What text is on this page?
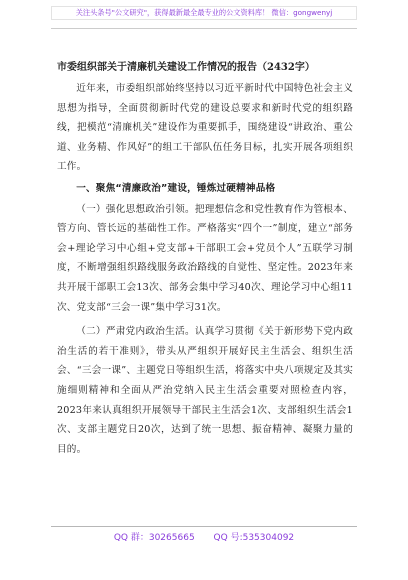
关注头条号"公文研究"，获得最新最全最专业的公文资料库！ 微信：gongwenyj
市委组织部关于清廉机关建设工作情况的报告（2432字）

近年来，市委组织部始终坚持以习近平新时代中国特色社会主义思想为指导，全面贯彻新时代党的建设总要求和新时代党的组织路线，把模范“清廉机关”建设作为重要抓手，围绕建设“讲政治、重公道、业务精、作风好”的组工干部队伍任务目标，扎实开展各项组织工作。

一、聚焦“清廉政治”建设，锤炼过硬精神品格

（一）强化思想政治引领。把理想信念和党性教育作为管根本、管方向、管长远的基础性工作。严格落实“四个一”制度，建立“部务会+理论学习中心组+党支部+干部职工会+党员个人”五联学习制度，不断增强组织路线服务政治路线的自觉性、坚定性。2023年来共开展干部职工会13次、部务会集中学习40次、理论学习中心组11次、党支部“三会一课”集中学习31次。

（二）严肃党内政治生活。认真学习贯彻《关于新形势下党内政治生活的若干准则》，带头从严组织开展好民主生活会、组织生活会、“三会一课”、主题党日等组织生活，将落实中央八项规定及其实施细则精神和全面从严治党纳入民主生活会重要对照检查内容，2023年来认真组织开展领导干部民主生活会1次、支部组织生活会1次、支部主题党日20次，达到了统一思想、振奋精神、凝聚力量的目的。

QQ 群：30265665 QQ 号:535304092
